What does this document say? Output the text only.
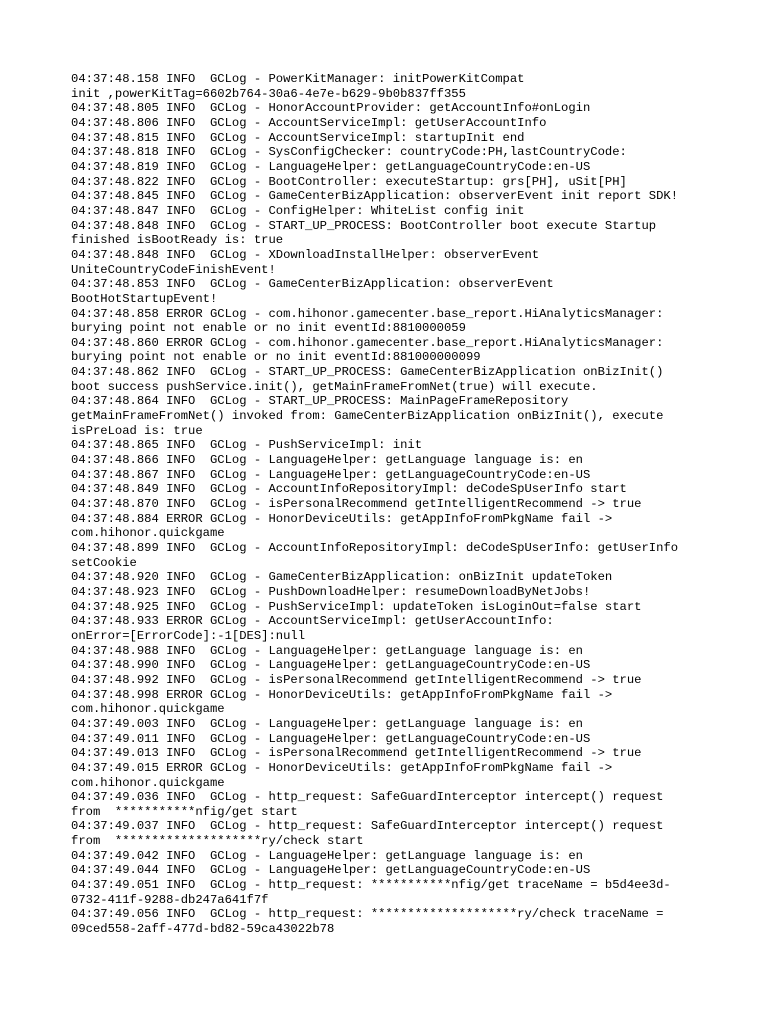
04:37:48.158 INFO  GCLog - PowerKitManager: initPowerKitCompat
init ,powerKitTag=6602b764-30a6-4e7e-b629-9b0b837ff355
04:37:48.805 INFO  GCLog - HonorAccountProvider: getAccountInfo#onLogin
04:37:48.806 INFO  GCLog - AccountServiceImpl: getUserAccountInfo
04:37:48.815 INFO  GCLog - AccountServiceImpl: startupInit end
04:37:48.818 INFO  GCLog - SysConfigChecker: countryCode:PH,lastCountryCode:
04:37:48.819 INFO  GCLog - LanguageHelper: getLanguageCountryCode:en-US
04:37:48.822 INFO  GCLog - BootController: executeStartup: grs[PH], uSit[PH]
04:37:48.845 INFO  GCLog - GameCenterBizApplication: observerEvent init report SDK!
04:37:48.847 INFO  GCLog - ConfigHelper: WhiteList config init
04:37:48.848 INFO  GCLog - START_UP_PROCESS: BootController boot execute Startup
finished isBootReady is: true
04:37:48.848 INFO  GCLog - XDownloadInstallHelper: observerEvent
UniteCountryCodeFinishEvent!
04:37:48.853 INFO  GCLog - GameCenterBizApplication: observerEvent
BootHotStartupEvent!
04:37:48.858 ERROR GCLog - com.hihonor.gamecenter.base_report.HiAnalyticsManager:
burying point not enable or no init eventId:8810000059
04:37:48.860 ERROR GCLog - com.hihonor.gamecenter.base_report.HiAnalyticsManager:
burying point not enable or no init eventId:881000000099
04:37:48.862 INFO  GCLog - START_UP_PROCESS: GameCenterBizApplication onBizInit()
boot success pushService.init(), getMainFrameFromNet(true) will execute.
04:37:48.864 INFO  GCLog - START_UP_PROCESS: MainPageFrameRepository
getMainFrameFromNet() invoked from: GameCenterBizApplication onBizInit(), execute
isPreLoad is: true
04:37:48.865 INFO  GCLog - PushServiceImpl: init
04:37:48.866 INFO  GCLog - LanguageHelper: getLanguage language is: en
04:37:48.867 INFO  GCLog - LanguageHelper: getLanguageCountryCode:en-US
04:37:48.849 INFO  GCLog - AccountInfoRepositoryImpl: deCodeSpUserInfo start
04:37:48.870 INFO  GCLog - isPersonalRecommend getIntelligentRecommend -> true
04:37:48.884 ERROR GCLog - HonorDeviceUtils: getAppInfoFromPkgName fail ->
com.hihonor.quickgame
04:37:48.899 INFO  GCLog - AccountInfoRepositoryImpl: deCodeSpUserInfo: getUserInfo
setCookie
04:37:48.920 INFO  GCLog - GameCenterBizApplication: onBizInit updateToken
04:37:48.923 INFO  GCLog - PushDownloadHelper: resumeDownloadByNetJobs!
04:37:48.925 INFO  GCLog - PushServiceImpl: updateToken isLoginOut=false start
04:37:48.933 ERROR GCLog - AccountServiceImpl: getUserAccountInfo:
onError=[ErrorCode]:-1[DES]:null
04:37:48.988 INFO  GCLog - LanguageHelper: getLanguage language is: en
04:37:48.990 INFO  GCLog - LanguageHelper: getLanguageCountryCode:en-US
04:37:48.992 INFO  GCLog - isPersonalRecommend getIntelligentRecommend -> true
04:37:48.998 ERROR GCLog - HonorDeviceUtils: getAppInfoFromPkgName fail ->
com.hihonor.quickgame
04:37:49.003 INFO  GCLog - LanguageHelper: getLanguage language is: en
04:37:49.011 INFO  GCLog - LanguageHelper: getLanguageCountryCode:en-US
04:37:49.013 INFO  GCLog - isPersonalRecommend getIntelligentRecommend -> true
04:37:49.015 ERROR GCLog - HonorDeviceUtils: getAppInfoFromPkgName fail ->
com.hihonor.quickgame
04:37:49.036 INFO  GCLog - http_request: SafeGuardInterceptor intercept() request
from  ***********nfig/get start
04:37:49.037 INFO  GCLog - http_request: SafeGuardInterceptor intercept() request
from  ********************ry/check start
04:37:49.042 INFO  GCLog - LanguageHelper: getLanguage language is: en
04:37:49.044 INFO  GCLog - LanguageHelper: getLanguageCountryCode:en-US
04:37:49.051 INFO  GCLog - http_request: ***********nfig/get traceName = b5d4ee3d-
0732-411f-9288-db247a641f7f
04:37:49.056 INFO  GCLog - http_request: ********************ry/check traceName =
09ced558-2aff-477d-bd82-59ca43022b78
